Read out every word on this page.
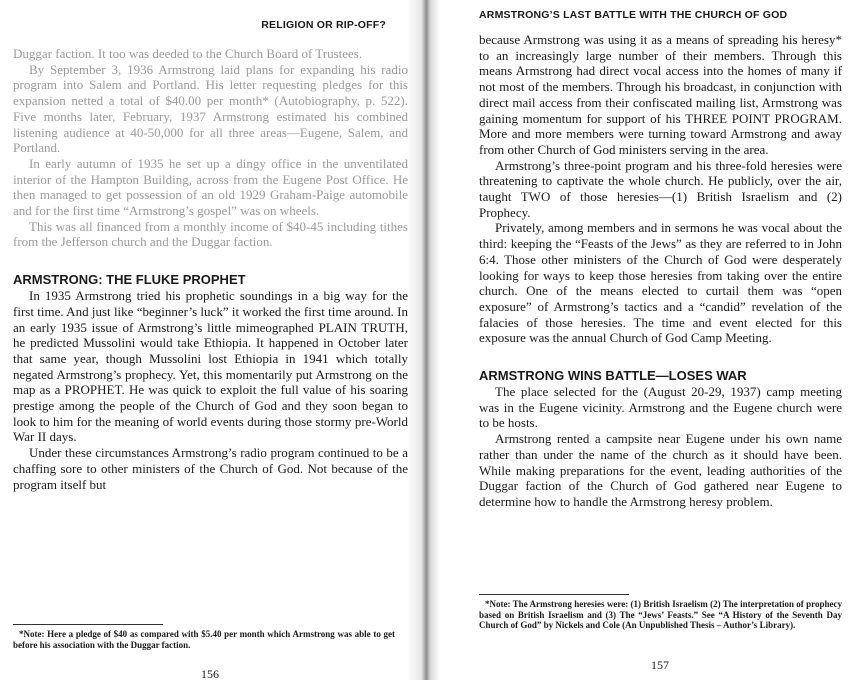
RELIGION OR RIP-OFF?

Duggar faction. It too was deeded to the Church Board of Trustees.

By September 3, 1936 Armstrong laid plans for expanding his radio program into Salem and Portland. His letter requesting pledges for this expansion netted a total of $40.00 per month* (Autobiography, p. 522). Five months later, February, 1937 Armstrong estimated his combined listening audience at 40-50,000 for all three areas—Eugene, Salem, and Portland.

In early autumn of 1935 he set up a dingy office in the unventilated interior of the Hampton Building, across from the Eugene Post Office. He then managed to get possession of an old 1929 Graham-Paige automobile and for the first time “Armstrong’s gospel” was on wheels.

This was all financed from a monthly income of $40-45 including tithes from the Jefferson church and the Duggar faction.

ARMSTRONG: THE FLUKE PROPHET

In 1935 Armstrong tried his prophetic soundings in a big way for the first time. And just like “beginner’s luck” it worked the first time around. In an early 1935 issue of Armstrong’s little mimeographed PLAIN TRUTH, he predicted Mussolini would take Ethiopia. It happened in October later that same year, though Mussolini lost Ethiopia in 1941 which totally negated Armstrong’s prophecy. Yet, this momentarily put Armstrong on the map as a PROPHET. He was quick to exploit the full value of his soaring prestige among the people of the Church of God and they soon began to look to him for the meaning of world events during those stormy pre-World War II days.

Under these circumstances Armstrong’s radio program continued to be a chaffing sore to other ministers of the Church of God. Not because of the program itself but

*Note: Here a pledge of $40 as compared with $5.40 per month which Armstrong was able to get before his association with the Duggar faction.

156
ARMSTRONG’S LAST BATTLE WITH THE CHURCH OF GOD

because Armstrong was using it as a means of spreading his heresy* to an increasingly large number of their members. Through this means Armstrong had direct vocal access into the homes of many if not most of the members. Through his broadcast, in conjunction with direct mail access from their confiscated mailing list, Armstrong was gaining momentum for support of his THREE POINT PROGRAM. More and more members were turning toward Armstrong and away from other Church of God ministers serving in the area.

Armstrong’s three-point program and his three-fold heresies were threatening to captivate the whole church. He publicly, over the air, taught TWO of those heresies—(1) British Israelism and (2) Prophecy.

Privately, among members and in sermons he was vocal about the third: keeping the “Feasts of the Jews” as they are referred to in John 6:4. Those other ministers of the Church of God were desperately looking for ways to keep those heresies from taking over the entire church. One of the means elected to curtail them was “open exposure” of Armstrong’s tactics and a “candid” revelation of the falacies of those heresies. The time and event elected for this exposure was the annual Church of God Camp Meeting.

ARMSTRONG WINS BATTLE—LOSES WAR

The place selected for the (August 20-29, 1937) camp meeting was in the Eugene vicinity. Armstrong and the Eugene church were to be hosts.

Armstrong rented a campsite near Eugene under his own name rather than under the name of the church as it should have been. While making preparations for the event, leading authorities of the Duggar faction of the Church of God gathered near Eugene to determine how to handle the Armstrong heresy problem.

*Note: The Armstrong heresies were: (1) British Israelism (2) The interpretation of prophecy based on British Israelism and (3) The “Jews’ Feasts.” See “A History of the Seventh Day Church of God” by Nickels and Cole (An Unpublished Thesis – Author’s Library).

157
